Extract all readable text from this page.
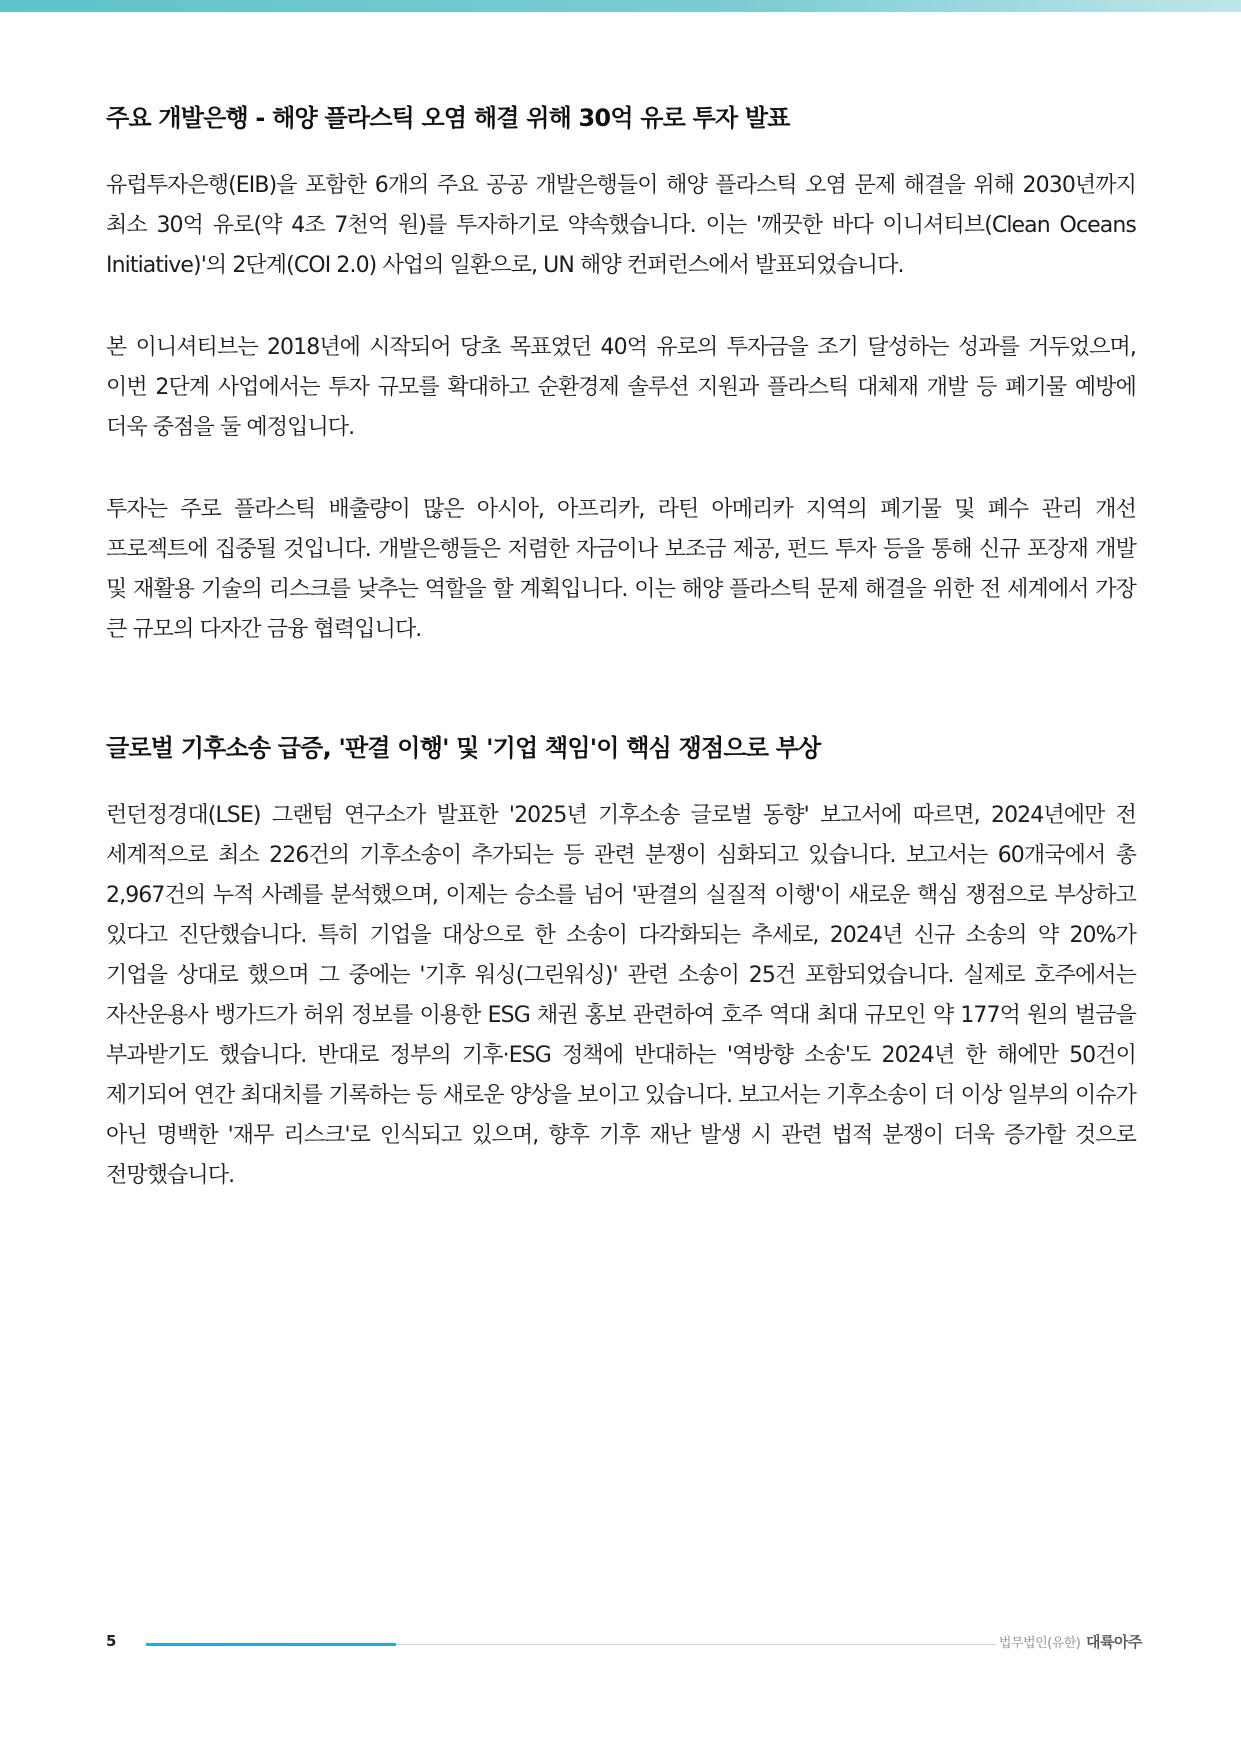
주요 개발은행 - 해양 플라스틱 오염 해결 위해 30억 유로 투자 발표

유럽투자은행(EIB)을 포함한 6개의 주요 공공 개발은행들이 해양 플라스틱 오염 문제 해결을 위해 2030년까지 최소 30억 유로(약 4조 7천억 원)를 투자하기로 약속했습니다. 이는 '깨끗한 바다 이니셔티브(Clean Oceans Initiative)'의 2단계(COI 2.0) 사업의 일환으로, UN 해양 컨퍼런스에서 발표되었습니다.

본 이니셔티브는 2018년에 시작되어 당초 목표였던 40억 유로의 투자금을 조기 달성하는 성과를 거두었으며, 이번 2단계 사업에서는 투자 규모를 확대하고 순환경제 솔루션 지원과 플라스틱 대체재 개발 등 폐기물 예방에 더욱 중점을 둘 예정입니다.

투자는 주로 플라스틱 배출량이 많은 아시아, 아프리카, 라틴 아메리카 지역의 폐기물 및 폐수 관리 개선 프로젝트에 집중될 것입니다. 개발은행들은 저렴한 자금이나 보조금 제공, 펀드 투자 등을 통해 신규 포장재 개발 및 재활용 기술의 리스크를 낮추는 역할을 할 계획입니다. 이는 해양 플라스틱 문제 해결을 위한 전 세계에서 가장 큰 규모의 다자간 금융 협력입니다.

글로벌 기후소송 급증, '판결 이행' 및 '기업 책임'이 핵심 쟁점으로 부상

런던정경대(LSE) 그랜텀 연구소가 발표한 '2025년 기후소송 글로벌 동향' 보고서에 따르면, 2024년에만 전 세계적으로 최소 226건의 기후소송이 추가되는 등 관련 분쟁이 심화되고 있습니다. 보고서는 60개국에서 총 2,967건의 누적 사례를 분석했으며, 이제는 승소를 넘어 '판결의 실질적 이행'이 새로운 핵심 쟁점으로 부상하고 있다고 진단했습니다. 특히 기업을 대상으로 한 소송이 다각화되는 추세로, 2024년 신규 소송의 약 20%가 기업을 상대로 했으며 그 중에는 '기후 워싱(그린워싱)' 관련 소송이 25건 포함되었습니다. 실제로 호주에서는 자산운용사 뱅가드가 허위 정보를 이용한 ESG 채권 홍보 관련하여 호주 역대 최대 규모인 약 177억 원의 벌금을 부과받기도 했습니다. 반대로 정부의 기후·ESG 정책에 반대하는 '역방향 소송'도 2024년 한 해에만 50건이 제기되어 연간 최대치를 기록하는 등 새로운 양상을 보이고 있습니다. 보고서는 기후소송이 더 이상 일부의 이슈가 아닌 명백한 '재무 리스크'로 인식되고 있으며, 향후 기후 재난 발생 시 관련 법적 분쟁이 더욱 증가할 것으로 전망했습니다.

5	법무법인(유한) 대륙아주
